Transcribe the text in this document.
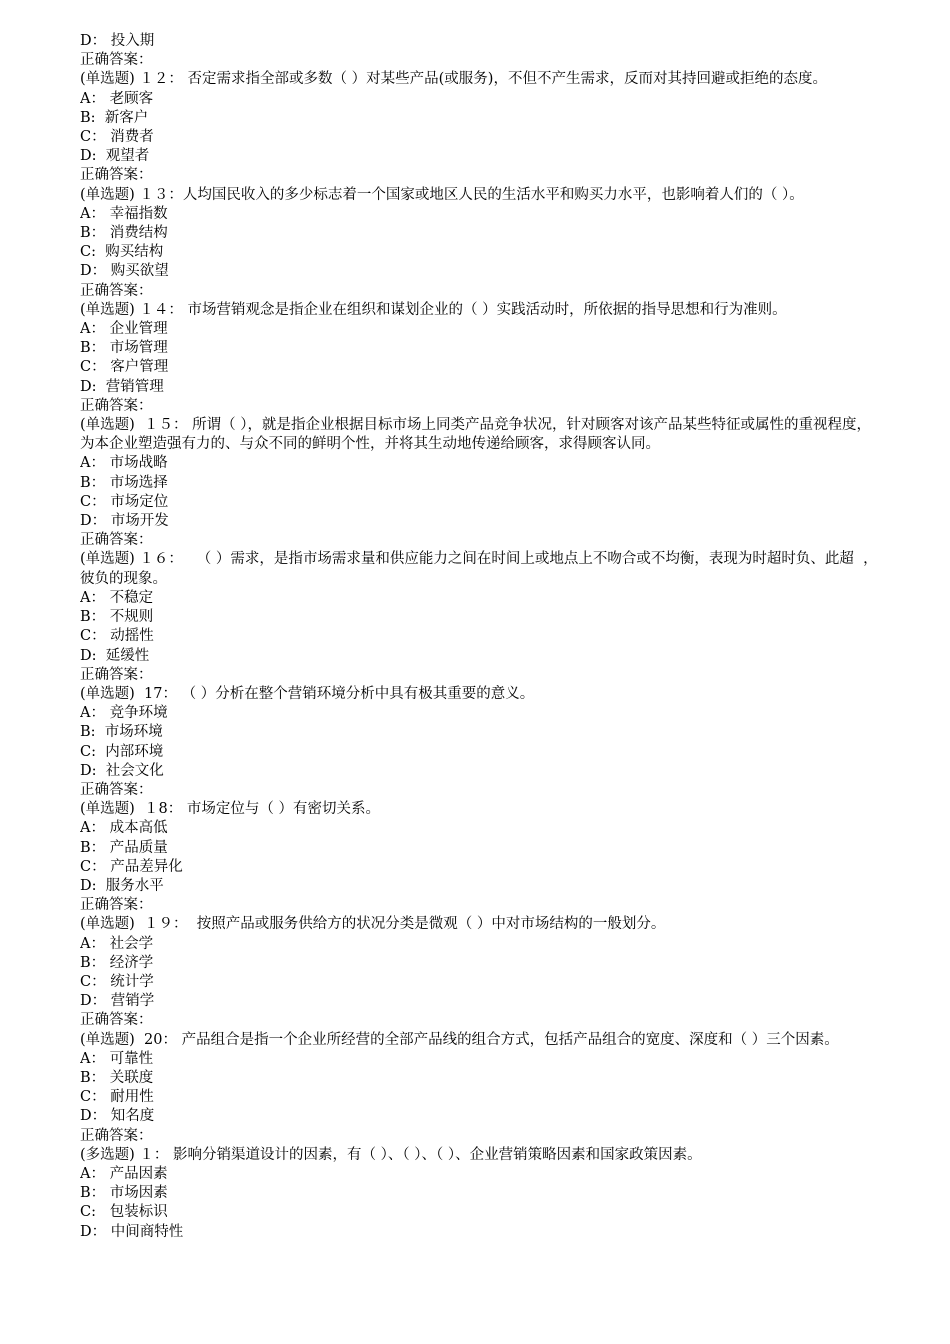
D： 投入期
正确答案：
(单选题) １２： 否定需求指全部或多数（ ）对某些产品(或服务)，不但不产生需求，反而对其持回避或拒绝的态度。
A： 老顾客
B:  新客户
C： 消费者
D:  观望者
正确答案：
(单选题) １３：人均国民收入的多少标志着一个国家或地区人民的生活水平和购买力水平，也影响着人们的（ ）。
A： 幸福指数
B： 消费结构
C:  购买结构
D： 购买欲望
正确答案：
(单选题) １４： 市场营销观念是指企业在组织和谋划企业的（ ）实践活动时，所依据的指导思想和行为准则。
A： 企业管理
B： 市场管理
C： 客户管理
D:  营销管理
正确答案：
(单选题)  １５： 所谓（ ），就是指企业根据目标市场上同类产品竞争状况，针对顾客对该产品某些特征或属性的重视程度，为本企业塑造强有力的、与众不同的鲜明个性，并将其生动地传递给顾客，求得顾客认同。
A： 市场战略
B： 市场选择
C： 市场定位
D： 市场开发
正确答案：
(单选题) １６：   （ ）需求，是指市场需求量和供应能力之间在时间上或地点上不吻合或不均衡，表现为时超时负、此超  ，彼负的现象。
A： 不稳定
B： 不规则
C： 动摇性
D:  延缓性
正确答案：
(单选题)  17： （ ）分析在整个营销环境分析中具有极其重要的意义。
A： 竞争环境
B:  市场环境
C:  内部环境
D:  社会文化
正确答案：
(单选题)  １8： 市场定位与（ ）有密切关系。
A： 成本高低
B： 产品质量
C： 产品差异化
D:  服务水平
正确答案：
(单选题)  １９：  按照产品或服务供给方的状况分类是微观（ ）中对市场结构的一般划分。
A： 社会学
B： 经济学
C： 统计学
D： 营销学
正确答案：
(单选题)  20： 产品组合是指一个企业所经营的全部产品线的组合方式，包括产品组合的宽度、深度和（ ）三个因素。
A： 可靠性
B： 关联度
C： 耐用性
D： 知名度
正确答案：
(多选题) １： 影响分销渠道设计的因素，有（ ）、（ ）、（ ）、企业营销策略因素和国家政策因素。
A： 产品因素
B： 市场因素
C:   包装标识
D： 中间商特性
